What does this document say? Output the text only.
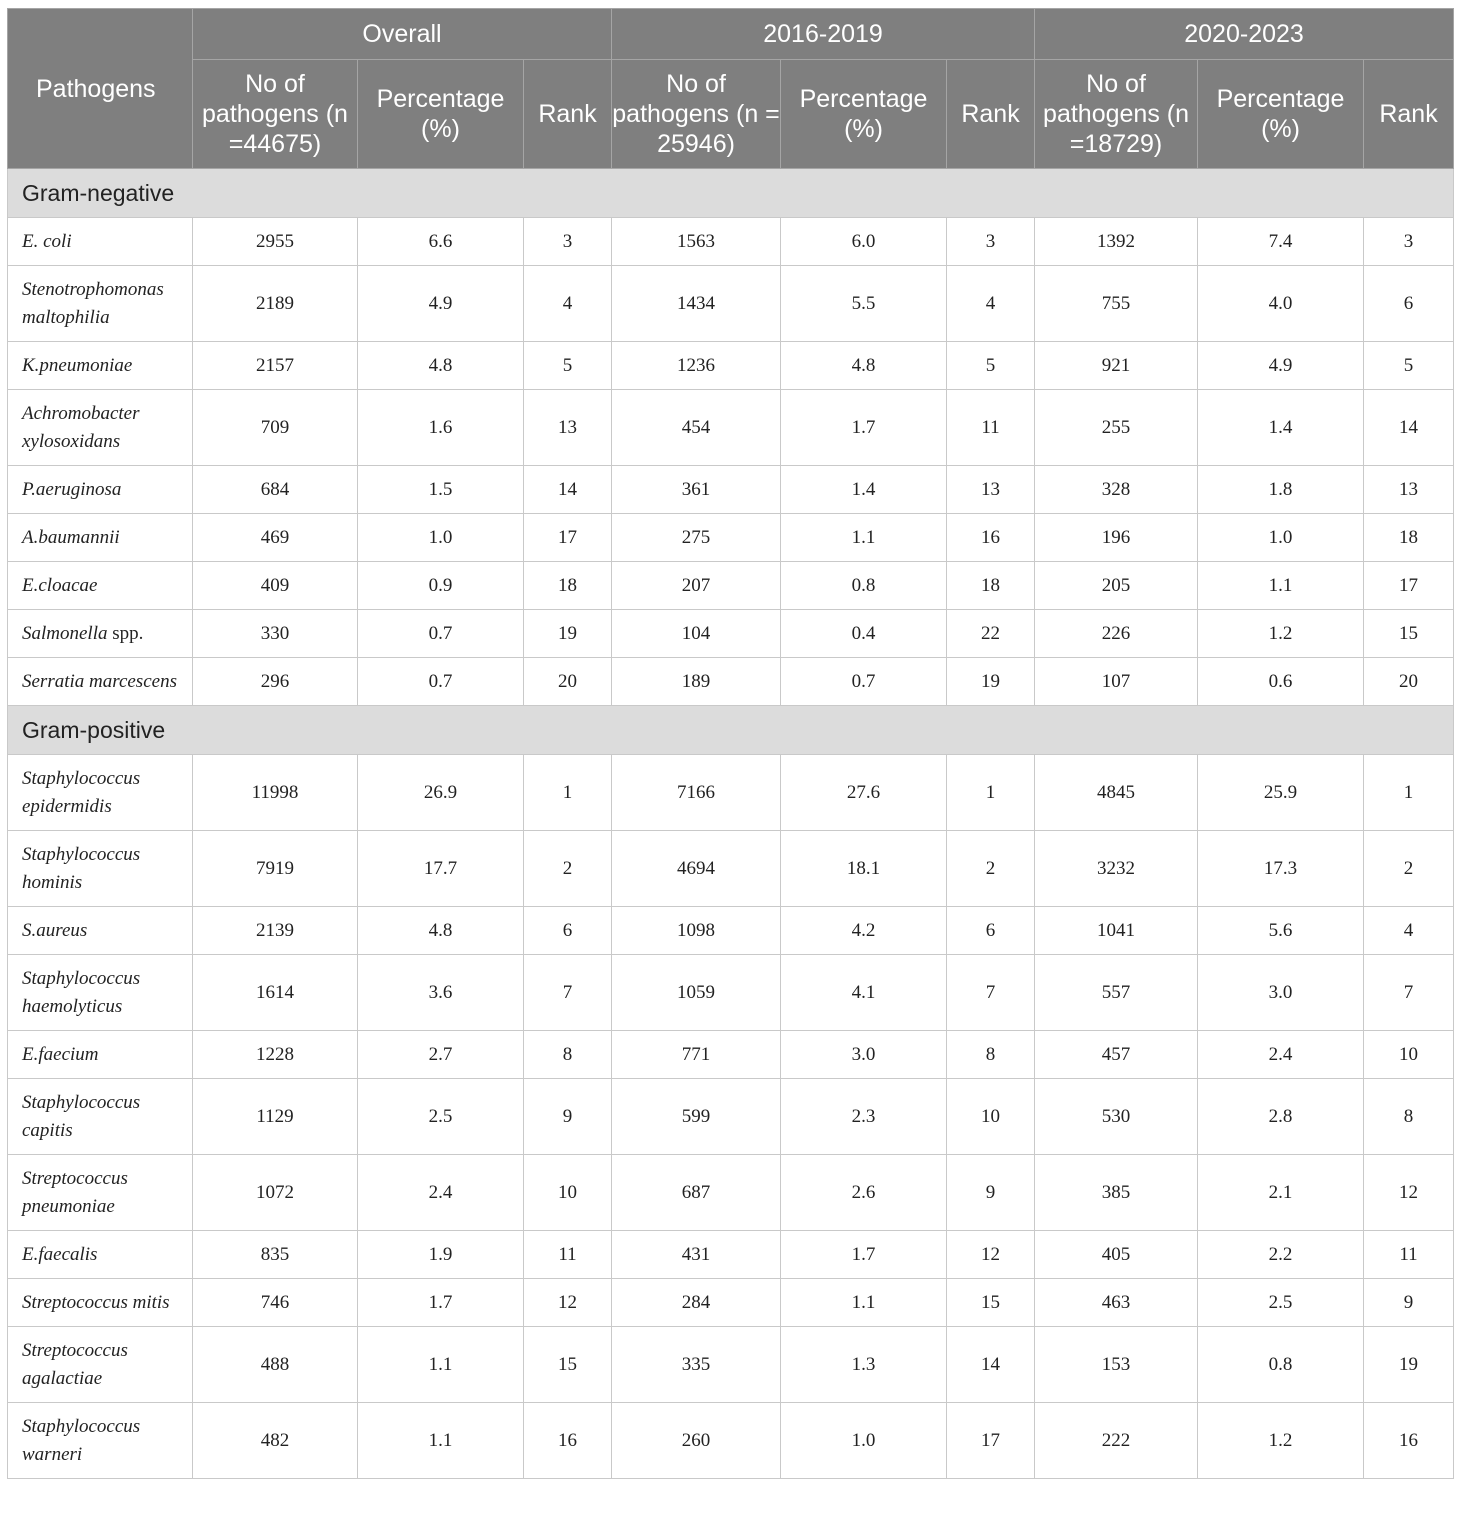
Pathogens	Overall			2016-2019			2020-2023		
	No of pathogens (n =44675)	Percentage (%)	Rank	No of pathogens (n = 25946)	Percentage (%)	Rank	No of pathogens (n =18729)	Percentage (%)	Rank
Gram-negative									
E. coli	2955	6.6	3	1563	6.0	3	1392	7.4	3
Stenotrophomonas maltophilia	2189	4.9	4	1434	5.5	4	755	4.0	6
K.pneumoniae	2157	4.8	5	1236	4.8	5	921	4.9	5
Achromobacter xylosoxidans	709	1.6	13	454	1.7	11	255	1.4	14
P.aeruginosa	684	1.5	14	361	1.4	13	328	1.8	13
A.baumannii	469	1.0	17	275	1.1	16	196	1.0	18
E.cloacae	409	0.9	18	207	0.8	18	205	1.1	17
Salmonella spp.	330	0.7	19	104	0.4	22	226	1.2	15
Serratia marcescens	296	0.7	20	189	0.7	19	107	0.6	20
Gram-positive									
Staphylococcus epidermidis	11998	26.9	1	7166	27.6	1	4845	25.9	1
Staphylococcus hominis	7919	17.7	2	4694	18.1	2	3232	17.3	2
S.aureus	2139	4.8	6	1098	4.2	6	1041	5.6	4
Staphylococcus haemolyticus	1614	3.6	7	1059	4.1	7	557	3.0	7
E.faecium	1228	2.7	8	771	3.0	8	457	2.4	10
Staphylococcus capitis	1129	2.5	9	599	2.3	10	530	2.8	8
Streptococcus pneumoniae	1072	2.4	10	687	2.6	9	385	2.1	12
E.faecalis	835	1.9	11	431	1.7	12	405	2.2	11
Streptococcus mitis	746	1.7	12	284	1.1	15	463	2.5	9
Streptococcus agalactiae	488	1.1	15	335	1.3	14	153	0.8	19
Staphylococcus warneri	482	1.1	16	260	1.0	17	222	1.2	16
